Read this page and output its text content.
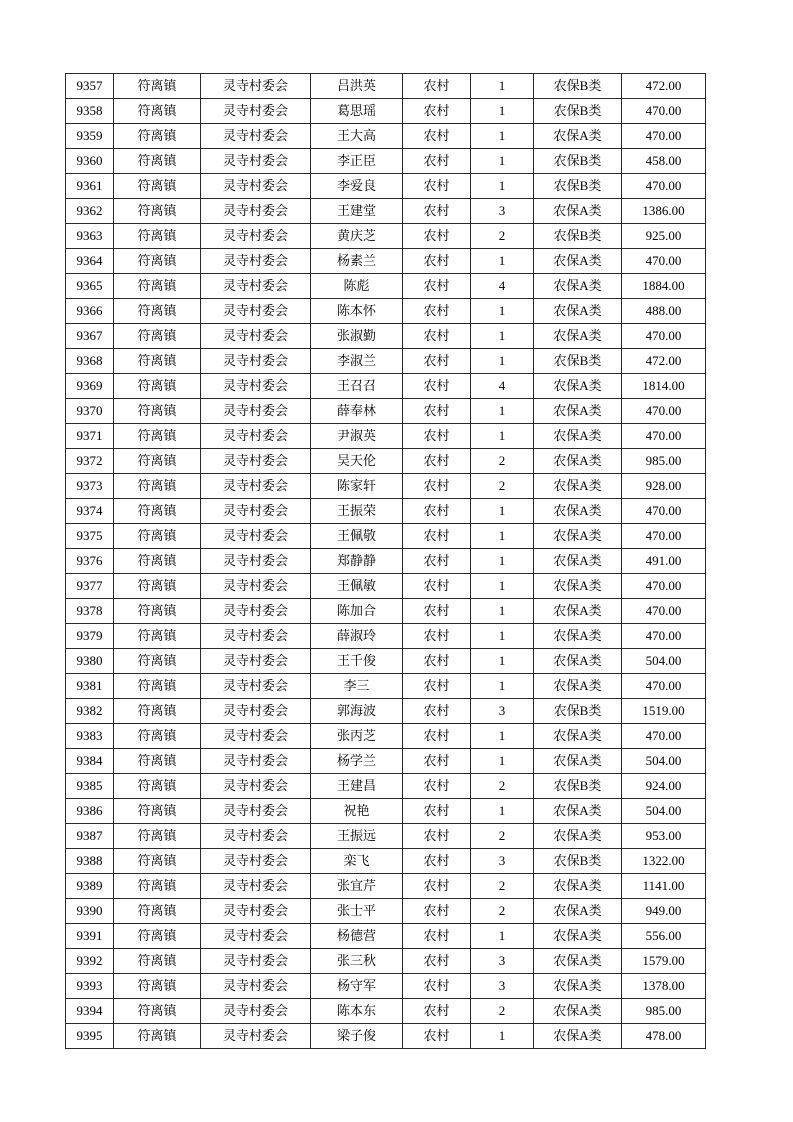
9357	符离镇	灵寺村委会	吕洪英	农村	1	农保B类	472.00
9358	符离镇	灵寺村委会	葛思瑶	农村	1	农保B类	470.00
9359	符离镇	灵寺村委会	王大高	农村	1	农保A类	470.00
9360	符离镇	灵寺村委会	李正臣	农村	1	农保B类	458.00
9361	符离镇	灵寺村委会	李爱良	农村	1	农保B类	470.00
9362	符离镇	灵寺村委会	王建堂	农村	3	农保A类	1386.00
9363	符离镇	灵寺村委会	黄庆芝	农村	2	农保B类	925.00
9364	符离镇	灵寺村委会	杨素兰	农村	1	农保A类	470.00
9365	符离镇	灵寺村委会	陈彪	农村	4	农保A类	1884.00
9366	符离镇	灵寺村委会	陈本怀	农村	1	农保A类	488.00
9367	符离镇	灵寺村委会	张淑勤	农村	1	农保A类	470.00
9368	符离镇	灵寺村委会	李淑兰	农村	1	农保B类	472.00
9369	符离镇	灵寺村委会	王召召	农村	4	农保A类	1814.00
9370	符离镇	灵寺村委会	薛奉林	农村	1	农保A类	470.00
9371	符离镇	灵寺村委会	尹淑英	农村	1	农保A类	470.00
9372	符离镇	灵寺村委会	吴天伦	农村	2	农保A类	985.00
9373	符离镇	灵寺村委会	陈家轩	农村	2	农保A类	928.00
9374	符离镇	灵寺村委会	王振荣	农村	1	农保A类	470.00
9375	符离镇	灵寺村委会	王佩敬	农村	1	农保A类	470.00
9376	符离镇	灵寺村委会	郑静静	农村	1	农保A类	491.00
9377	符离镇	灵寺村委会	王佩敏	农村	1	农保A类	470.00
9378	符离镇	灵寺村委会	陈加合	农村	1	农保A类	470.00
9379	符离镇	灵寺村委会	薛淑玲	农村	1	农保A类	470.00
9380	符离镇	灵寺村委会	王千俊	农村	1	农保A类	504.00
9381	符离镇	灵寺村委会	李三	农村	1	农保A类	470.00
9382	符离镇	灵寺村委会	郭海波	农村	3	农保B类	1519.00
9383	符离镇	灵寺村委会	张丙芝	农村	1	农保A类	470.00
9384	符离镇	灵寺村委会	杨学兰	农村	1	农保A类	504.00
9385	符离镇	灵寺村委会	王建昌	农村	2	农保B类	924.00
9386	符离镇	灵寺村委会	祝艳	农村	1	农保A类	504.00
9387	符离镇	灵寺村委会	王振远	农村	2	农保A类	953.00
9388	符离镇	灵寺村委会	栾飞	农村	3	农保B类	1322.00
9389	符离镇	灵寺村委会	张宜芹	农村	2	农保A类	1141.00
9390	符离镇	灵寺村委会	张士平	农村	2	农保A类	949.00
9391	符离镇	灵寺村委会	杨德营	农村	1	农保A类	556.00
9392	符离镇	灵寺村委会	张三秋	农村	3	农保A类	1579.00
9393	符离镇	灵寺村委会	杨守军	农村	3	农保A类	1378.00
9394	符离镇	灵寺村委会	陈本东	农村	2	农保A类	985.00
9395	符离镇	灵寺村委会	梁子俊	农村	1	农保A类	478.00
